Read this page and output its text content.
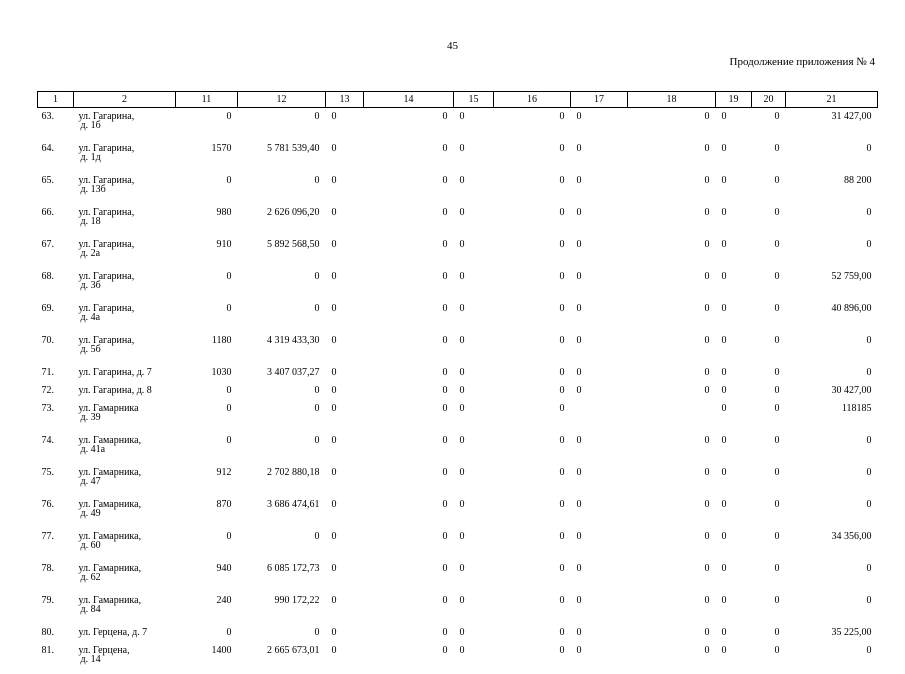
45
Продолжение приложения № 4
1	2	11	12	13	14	15	16	17	18	19	20	21
63.	ул. Гагарина,
д. 1б	0	0	0	0	0	0	0	0	0	0	31 427,00
64.	ул. Гагарина,
д. 1д	1570	5 781 539,40	0	0	0	0	0	0	0	0	0
65.	ул. Гагарина,
д. 13б	0	0	0	0	0	0	0	0	0	0	88 200
66.	ул. Гагарина,
д. 18	980	2 626 096,20	0	0	0	0	0	0	0	0	0
67.	ул. Гагарина,
д. 2а	910	5 892 568,50	0	0	0	0	0	0	0	0	0
68.	ул. Гагарина,
д. 3б	0	0	0	0	0	0	0	0	0	0	52 759,00
69.	ул. Гагарина,
д. 4а	0	0	0	0	0	0	0	0	0	0	40 896,00
70.	ул. Гагарина,
д. 5б	1180	4 319 433,30	0	0	0	0	0	0	0	0	0
71.	ул. Гагарина, д. 7	1030	3 407 037,27	0	0	0	0	0	0	0	0	0
72.	ул. Гагарина, д. 8	0	0	0	0	0	0	0	0	0	0	30 427,00
73.	ул. Гамарника
д. 39	0	0	0	0	0	0			0	0	118185
74.	ул. Гамарника,
д. 41а	0	0	0	0	0	0	0	0	0	0	0
75.	ул. Гамарника,
д. 47	912	2 702 880,18	0	0	0	0	0	0	0	0	0
76.	ул. Гамарника,
д. 49	870	3 686 474,61	0	0	0	0	0	0	0	0	0
77.	ул. Гамарника,
д. 60	0	0	0	0	0	0	0	0	0	0	34 356,00
78.	ул. Гамарника,
д. 62	940	6 085 172,73	0	0	0	0	0	0	0	0	0
79.	ул. Гамарника,
д. 84	240	990 172,22	0	0	0	0	0	0	0	0	0
80.	ул. Герцена, д. 7	0	0	0	0	0	0	0	0	0	0	35 225,00
81.	ул. Герцена,
д. 14	1400	2 665 673,01	0	0	0	0	0	0	0	0	0
